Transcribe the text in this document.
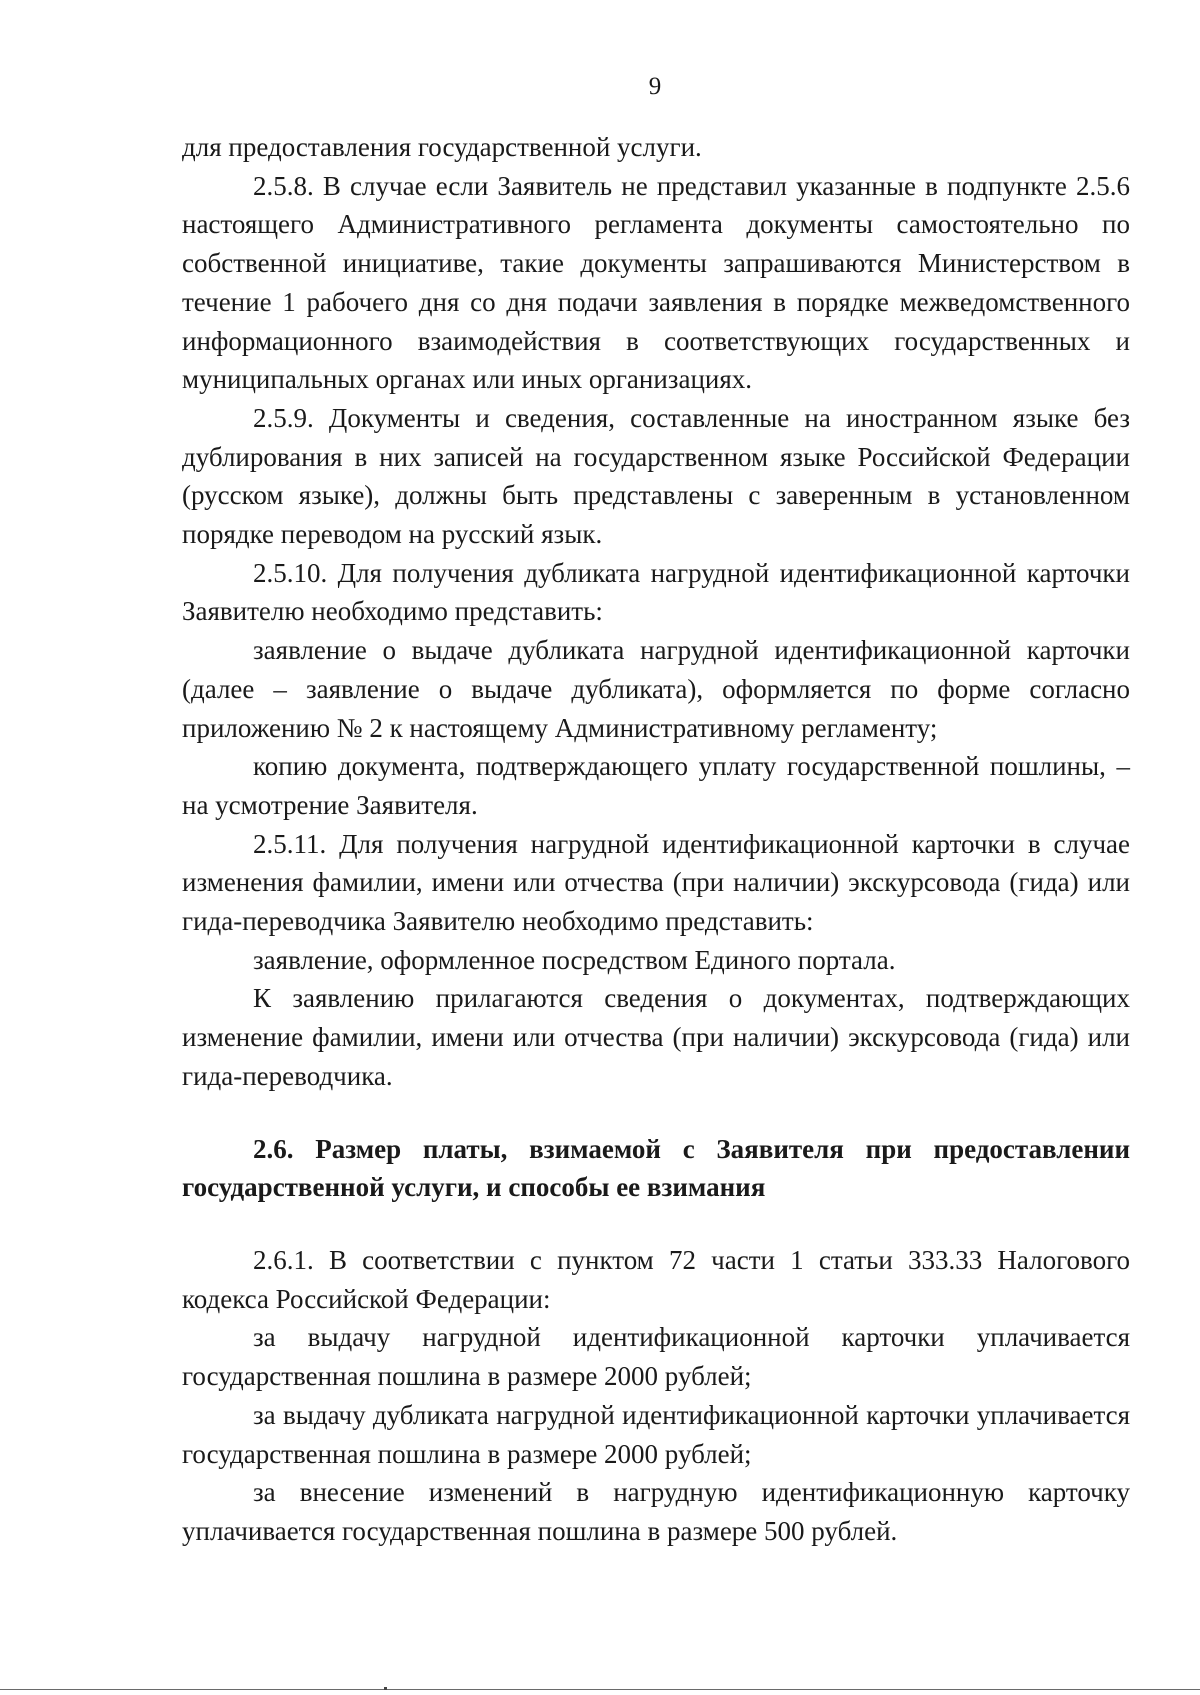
9

для предоставления государственной услуги.

2.5.8. В случае если Заявитель не представил указанные в подпункте 2.5.6 настоящего Административного регламента документы самостоятельно по собственной инициативе, такие документы запрашиваются Министерством в течение 1 рабочего дня со дня подачи заявления в порядке межведомственного информационного взаимодействия в соответствующих государственных и муниципальных органах или иных организациях.

2.5.9. Документы и сведения, составленные на иностранном языке без дублирования в них записей на государственном языке Российской Федерации (русском языке), должны быть представлены с заверенным в установленном порядке переводом на русский язык.

2.5.10. Для получения дубликата нагрудной идентификационной карточки Заявителю необходимо представить:

заявление о выдаче дубликата нагрудной идентификационной карточки (далее – заявление о выдаче дубликата), оформляется по форме согласно приложению № 2 к настоящему Административному регламенту;

копию документа, подтверждающего уплату государственной пошлины, – на усмотрение Заявителя.

2.5.11. Для получения нагрудной идентификационной карточки в случае изменения фамилии, имени или отчества (при наличии) экскурсовода (гида) или гида-переводчика Заявителю необходимо представить:

заявление, оформленное посредством Единого портала.

К заявлению прилагаются сведения о документах, подтверждающих изменение фамилии, имени или отчества (при наличии) экскурсовода (гида) или гида-переводчика.

2.6. Размер платы, взимаемой с Заявителя при предоставлении государственной услуги, и способы ее взимания

2.6.1. В соответствии с пунктом 72 части 1 статьи 333.33 Налогового кодекса Российской Федерации:

за выдачу нагрудной идентификационной карточки уплачивается государственная пошлина в размере 2000 рублей;

за выдачу дубликата нагрудной идентификационной карточки уплачивается государственная пошлина в размере 2000 рублей;

за внесение изменений в нагрудную идентификационную карточку уплачивается государственная пошлина в размере 500 рублей.
